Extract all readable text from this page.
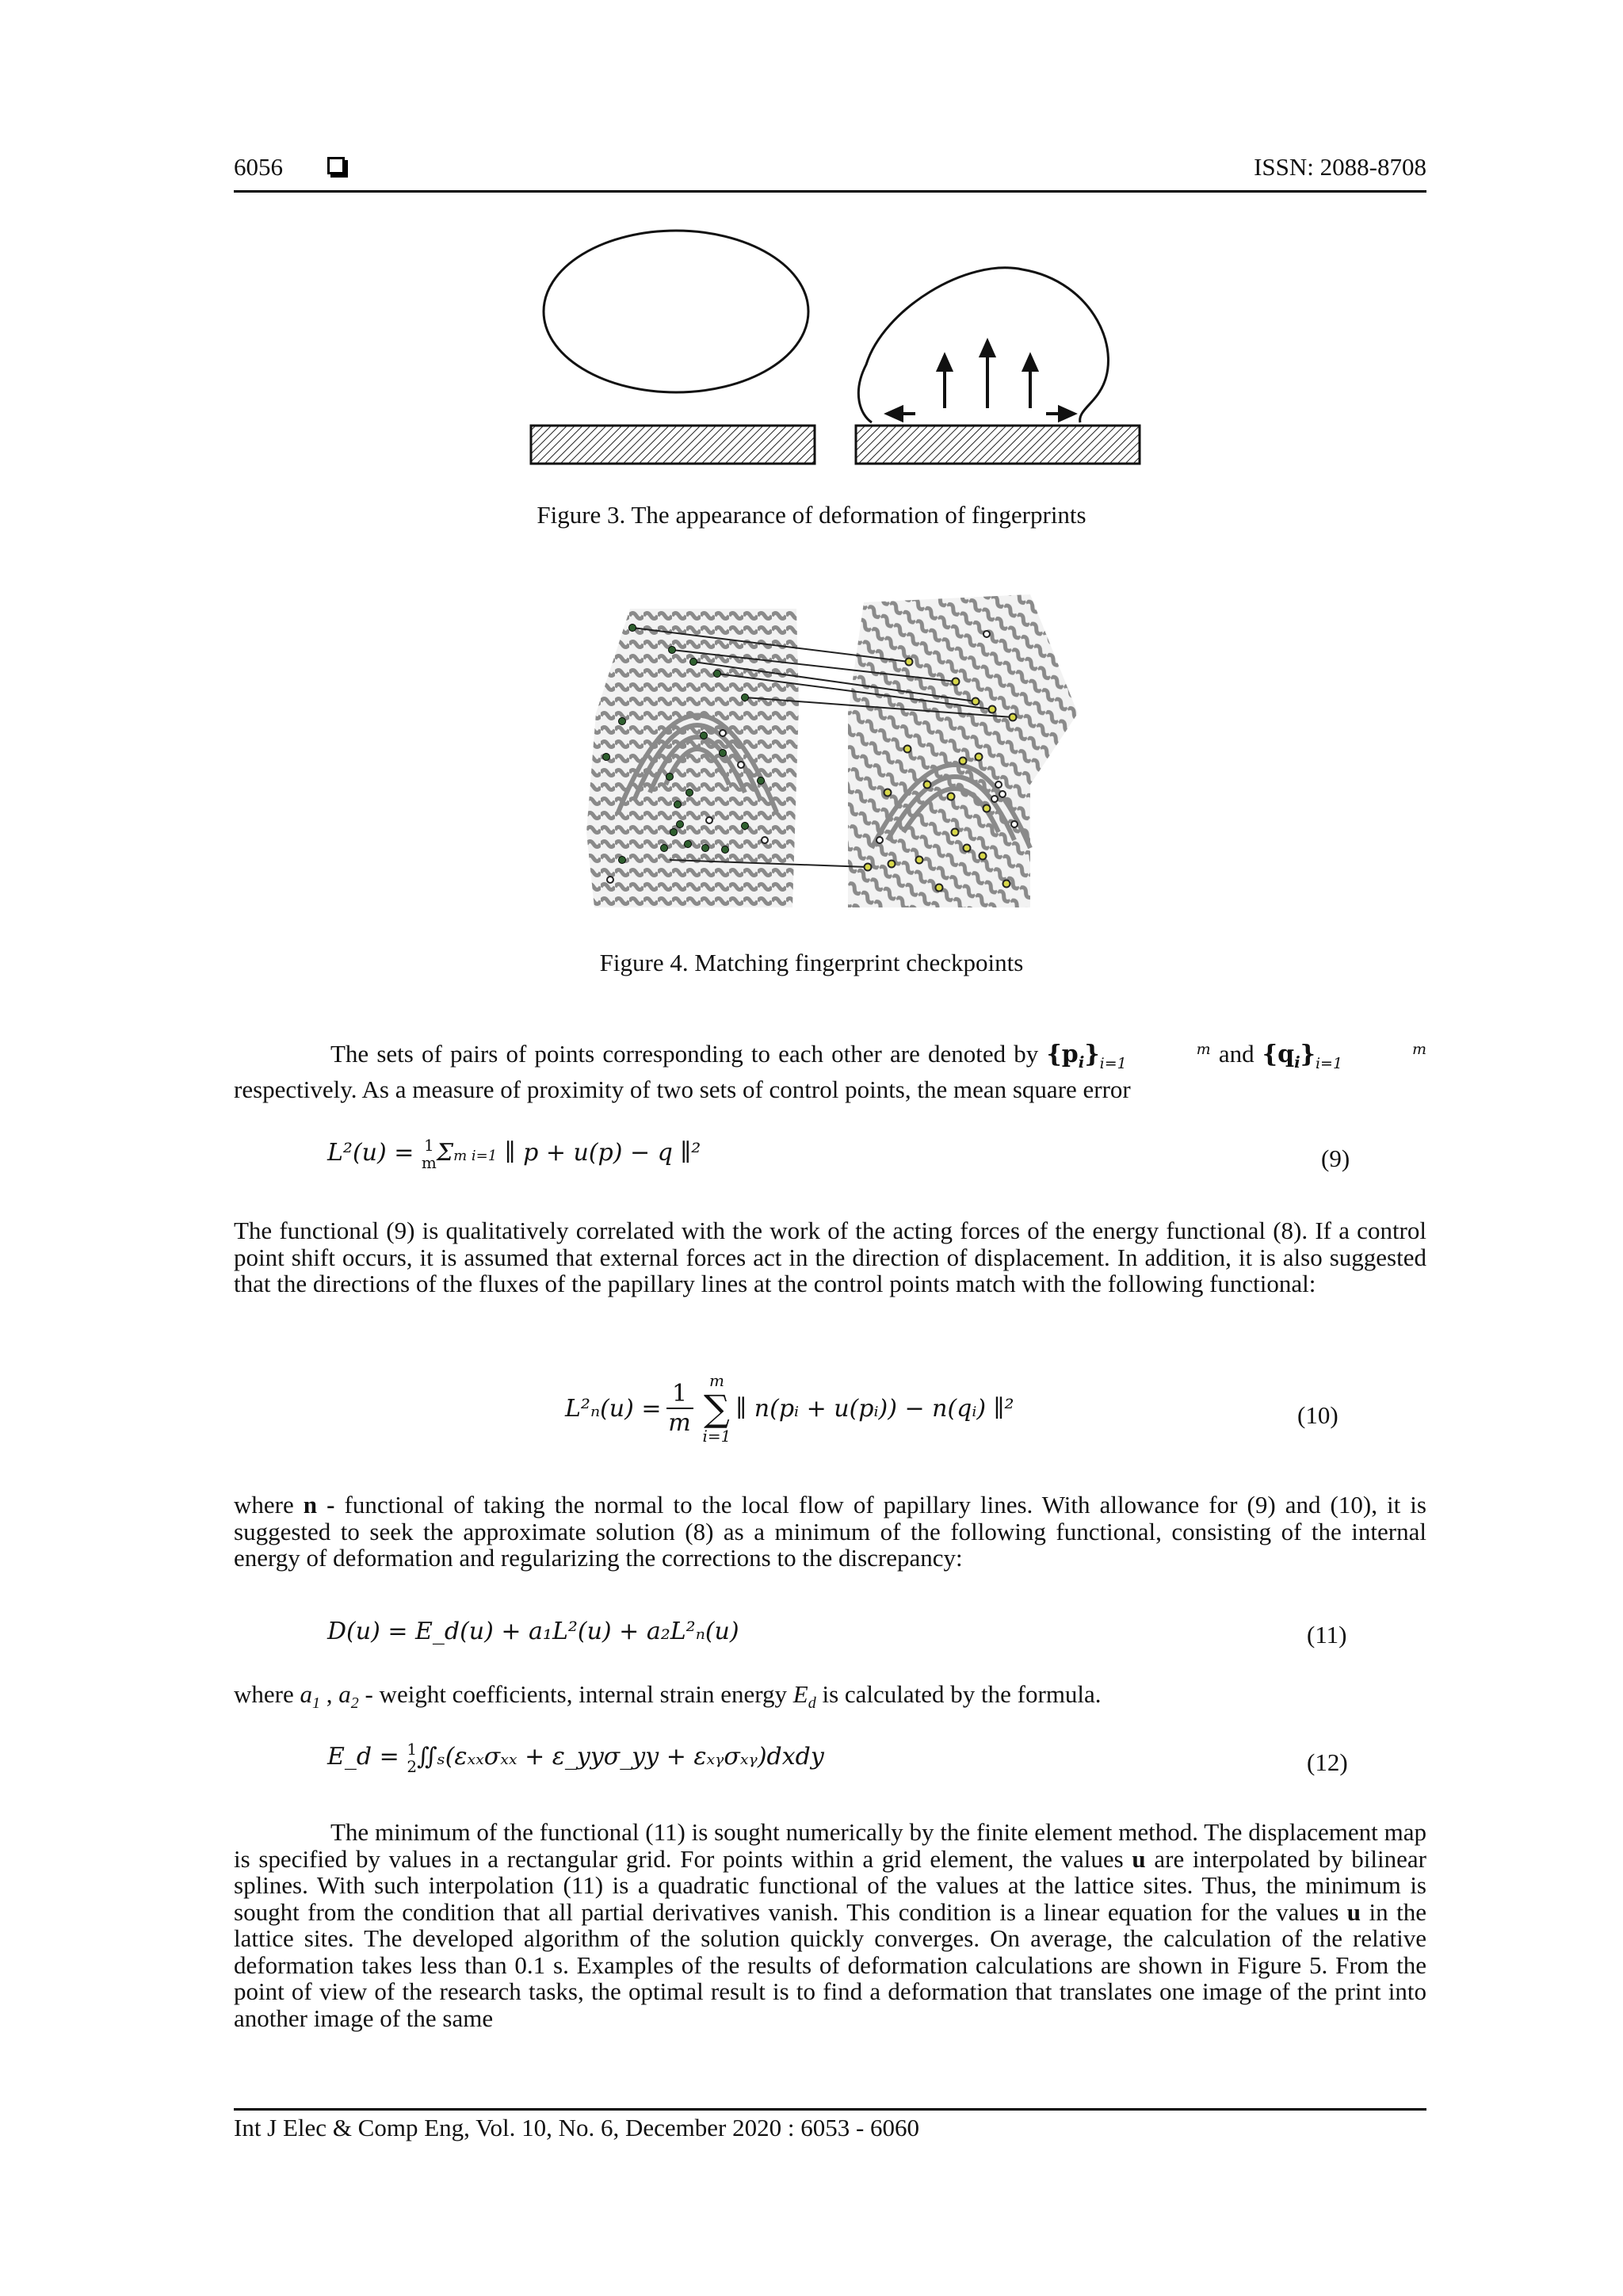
6056	ISSN: 2088-8708
Figure 3. The appearance of deformation of fingerprints
Figure 4. Matching fingerprint checkpoints

The sets of pairs of points corresponding to each other are denoted by $\{p_i\}$	m
i=1	and $\{q_i\}$	m
i=1 respectively. As a measure of proximity of two sets of control points, the mean square error

L²(u) = 1
mΣm i=1 ∥ p + u(p) − q ∥²	(9)

The functional (9) is qualitatively correlated with the work of the acting forces of the energy functional (8). If a control point shift occurs, it is assumed that external forces act in the direction of displacement. In addition, it is also suggested that the directions of the fluxes of the papillary lines at the control points match with the following functional:

L²ₙ(u) =
1
m
m
∑
i=1
∥ n(pᵢ + u(pᵢ)) − n(qᵢ) ∥²	(10)

where n - functional of taking the normal to the local flow of papillary lines. With allowance for (9) and (10), it is suggested to seek the approximate solution (8) as a minimum of the following functional, consisting of the internal energy of deformation and regularizing the corrections to the discrepancy:

D(u) = E_d(u) + a₁L²(u) + a₂L²ₙ(u)	(11)

where $a_1$ , $a_2$ - weight coefficients, internal strain energy $E_d$ is calculated by the formula.

E_d = 1
2∬ₛ(εₓₓσₓₓ + ε_yyσ_yy + εₓᵧσₓᵧ)dxdy	(12)

The minimum of the functional (11) is sought numerically by the finite element method. The displacement map is specified by values in a rectangular grid. For points within a grid element, the values u are interpolated by bilinear splines. With such interpolation (11) is a quadratic functional of the values at the lattice sites. Thus, the minimum is sought from the condition that all partial derivatives vanish. This condition is a linear equation for the values u in the lattice sites. The developed algorithm of the solution quickly converges. On average, the calculation of the relative deformation takes less than 0.1 s. Examples of the results of deformation calculations are shown in Figure 5. From the point of view of the research tasks, the optimal result is to find a deformation that translates one image of the print into another image of the same

Int J Elec & Comp Eng, Vol. 10, No. 6, December 2020 : 6053 - 6060
